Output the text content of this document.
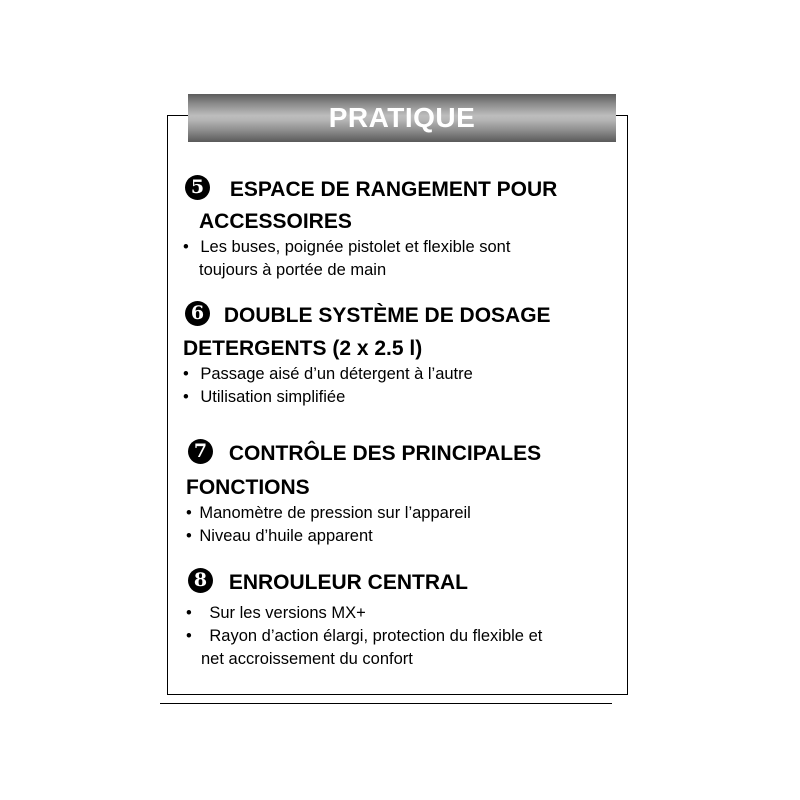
PRATIQUE
5 ESPACE DE RANGEMENT POUR
ACCESSOIRES
• Les buses, poignée pistolet et flexible sont
toujours à portée de main
6 DOUBLE SYSTÈME DE DOSAGE
DETERGENTS (2 x 2.5 l)
• Passage aisé d’un détergent à l’autre
• Utilisation simplifiée
7 CONTRÔLE DES PRINCIPALES
FONCTIONS
• Manomètre de pression sur l’appareil
• Niveau d’huile apparent
8 ENROULEUR CENTRAL
• Sur les versions MX+
• Rayon d’action élargi, protection du flexible et
net accroissement du confort
